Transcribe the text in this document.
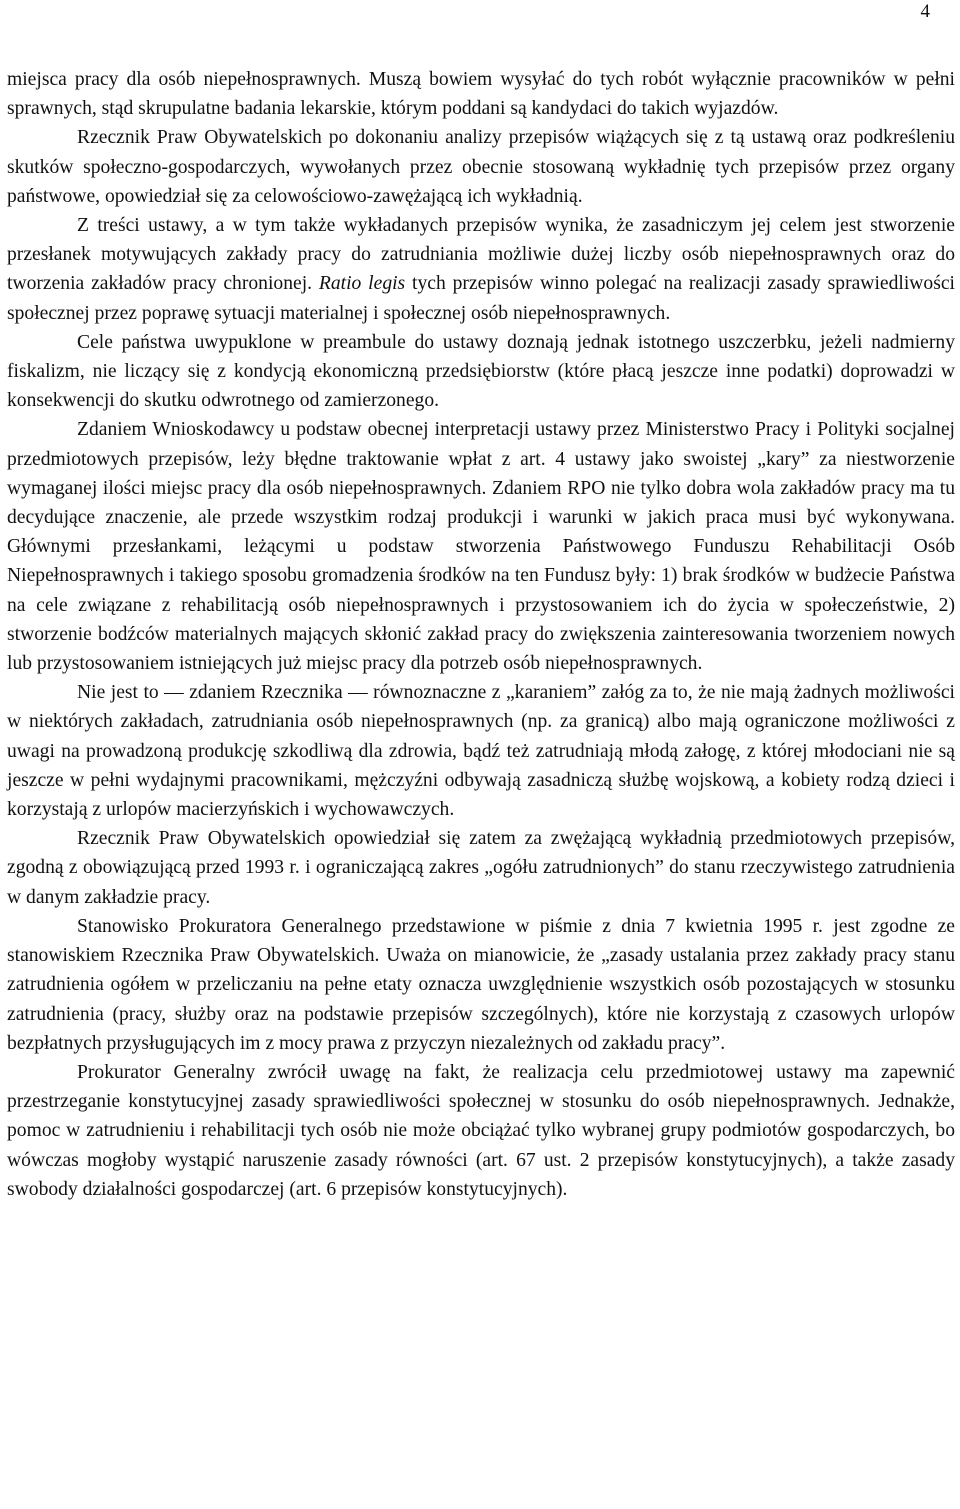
4

miejsca pracy dla osób niepełnosprawnych. Muszą bowiem wysyłać do tych robót wyłącznie pracowników w pełni sprawnych, stąd skrupulatne badania lekarskie, którym poddani są kandydaci do takich wyjazdów.

Rzecznik Praw Obywatelskich po dokonaniu analizy przepisów wiążących się z tą ustawą oraz podkreśleniu skutków społeczno-gospodarczych, wywołanych przez obecnie stosowaną wykładnię tych przepisów przez organy państwowe, opowiedział się za celowościowo-zawężającą ich wykładnią.

Z treści ustawy, a w tym także wykładanych przepisów wynika, że zasadniczym jej celem jest stworzenie przesłanek motywujących zakłady pracy do zatrudniania możliwie dużej liczby osób niepełnosprawnych oraz do tworzenia zakładów pracy chronionej. Ratio legis tych przepisów winno polegać na realizacji zasady sprawiedliwości społecznej przez poprawę sytuacji materialnej i społecznej osób niepełnosprawnych.

Cele państwa uwypuklone w preambule do ustawy doznają jednak istotnego uszczerbku, jeżeli nadmierny fiskalizm, nie liczący się z kondycją ekonomiczną przedsiębiorstw (które płacą jeszcze inne podatki) doprowadzi w konsekwencji do skutku odwrotnego od zamierzonego.

Zdaniem Wnioskodawcy u podstaw obecnej interpretacji ustawy przez Ministerstwo Pracy i Polityki socjalnej przedmiotowych przepisów, leży błędne traktowanie wpłat z art. 4 ustawy jako swoistej „kary” za niestworzenie wymaganej ilości miejsc pracy dla osób niepełnosprawnych. Zdaniem RPO nie tylko dobra wola zakładów pracy ma tu decydujące znaczenie, ale przede wszystkim rodzaj produkcji i warunki w jakich praca musi być wykonywana. Głównymi przesłankami, leżącymi u podstaw stworzenia Państwowego Funduszu Rehabilitacji Osób Niepełnosprawnych i takiego sposobu gromadzenia środków na ten Fundusz były: 1) brak środków w budżecie Państwa na cele związane z rehabilitacją osób niepełnosprawnych i przystosowaniem ich do życia w społeczeństwie, 2) stworzenie bodźców materialnych mających skłonić zakład pracy do zwiększenia zainteresowania tworzeniem nowych lub przystosowaniem istniejących już miejsc pracy dla potrzeb osób niepełnosprawnych.

Nie jest to — zdaniem Rzecznika — równoznaczne z „karaniem” załóg za to, że nie mają żadnych możliwości w niektórych zakładach, zatrudniania osób niepełnosprawnych (np. za granicą) albo mają ograniczone możliwości z uwagi na prowadzoną produkcję szkodliwą dla zdrowia, bądź też zatrudniają młodą załogę, z której młodociani nie są jeszcze w pełni wydajnymi pracownikami, mężczyźni odbywają zasadniczą służbę wojskową, a kobiety rodzą dzieci i korzystają z urlopów macierzyńskich i wychowawczych.

Rzecznik Praw Obywatelskich opowiedział się zatem za zwężającą wykładnią przedmiotowych przepisów, zgodną z obowiązującą przed 1993 r. i ograniczającą zakres „ogółu zatrudnionych” do stanu rzeczywistego zatrudnienia w danym zakładzie pracy.

Stanowisko Prokuratora Generalnego przedstawione w piśmie z dnia 7 kwietnia 1995 r. jest zgodne ze stanowiskiem Rzecznika Praw Obywatelskich. Uważa on mianowicie, że „zasady ustalania przez zakłady pracy stanu zatrudnienia ogółem w przeliczaniu na pełne etaty oznacza uwzględnienie wszystkich osób pozostających w stosunku zatrudnienia (pracy, służby oraz na podstawie przepisów szczególnych), które nie korzystają z czasowych urlopów bezpłatnych przysługujących im z mocy prawa z przyczyn niezależnych od zakładu pracy”.

Prokurator Generalny zwrócił uwagę na fakt, że realizacja celu przedmiotowej ustawy ma zapewnić przestrzeganie konstytucyjnej zasady sprawiedliwości społecznej w stosunku do osób niepełnosprawnych. Jednakże, pomoc w zatrudnieniu i rehabilitacji tych osób nie może obciążać tylko wybranej grupy podmiotów gospodarczych, bo wówczas mogłoby wystąpić naruszenie zasady równości (art. 67 ust. 2 przepisów konstytucyjnych), a także zasady swobody działalności gospodarczej (art. 6 przepisów konstytucyjnych).
